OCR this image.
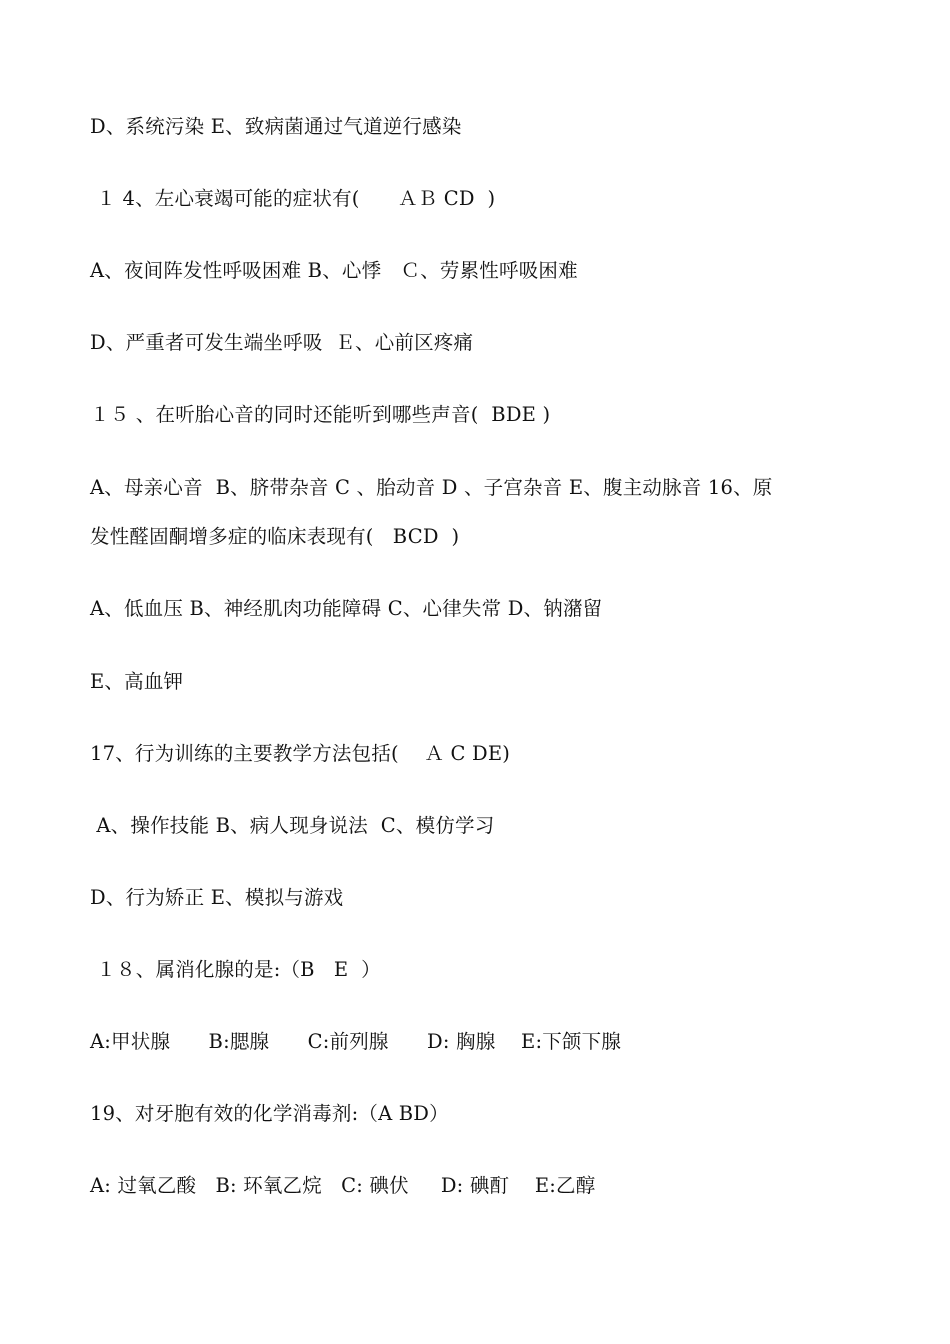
D、系统污染 E、致病菌通过气道逆行感染
１ 4、左心衰竭可能的症状有(      ＡＢ CD  )
A、夜间阵发性呼吸困难 B、心悸   Ｃ、劳累性呼吸困难
D、严重者可发生端坐呼吸  Ｅ、心前区疼痛
１５ 、在听胎心音的同时还能听到哪些声音(  BDE )
A、母亲心音  B、脐带杂音 C 、胎动音 D 、子宫杂音 E、腹主动脉音 16、原
发性醛固酮增多症的临床表现有(   BCD  )
A、低血压 B、神经肌肉功能障碍 C、心律失常 D、钠潴留
E、高血钾
17、行为训练的主要教学方法包括(    Ａ C DE)
A、操作技能 B、病人现身说法  C、模仿学习
D、行为矫正 E、模拟与游戏
１８、属消化腺的是:（B   E  ）
A:甲状腺      B:腮腺      C:前列腺      D: 胸腺    E:下颌下腺
19、对牙胞有效的化学消毒剂:（A BD）
A: 过氧乙酸   B: 环氧乙烷   C: 碘伏     D: 碘酊    E:乙醇
